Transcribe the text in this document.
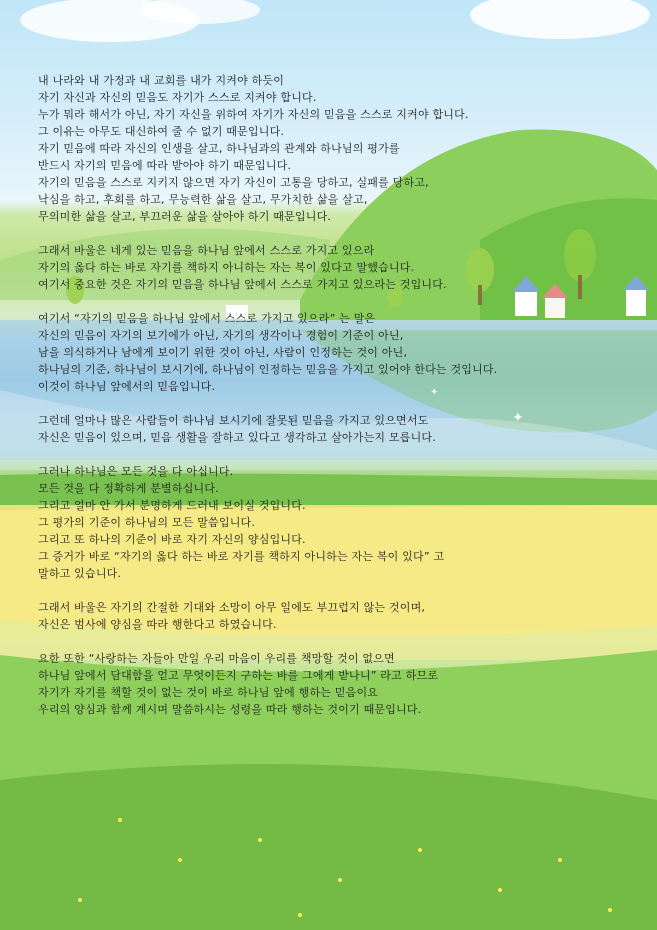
✦
✦
내 나라와 내 가정과 내 교회를 내가 지켜야 하듯이
자기 자신과 자신의 믿음도 자기가 스스로 지켜야 합니다.
누가 뭐라 해서가 아닌, 자기 자신을 위하여 자기가 자신의 믿음을 스스로 지켜야 합니다.
그 이유는 아무도 대신하여 줄 수 없기 때문입니다.
자기 믿음에 따라 자신의 인생을 살고, 하나님과의 관계와 하나님의 평가를
반드시 자기의 믿음에 따라 받아야 하기 때문입니다.
자기의 믿음을 스스로 지키지 않으면 자기 자신이 고통을 당하고, 실패를 당하고,
낙심을 하고, 후회를 하고, 무능력한 삶을 살고, 무가치한 삶을 살고,
무의미한 삶을 살고, 부끄러운 삶을 살아야 하기 때문입니다.
그래서 바울은 네게 있는 믿음을 하나님 앞에서 스스로 가지고 있으라
자기의 옳다 하는 바로 자기를 책하지 아니하는 자는 복이 있다고 말했습니다.
여기서 중요한 것은 자기의 믿음을 하나님 앞에서 스스로 가지고 있으라는 것입니다.
여기서 “자기의 믿음을 하나님 앞에서 스스로 가지고 있으라” 는 말은
자신의 믿음이 자기의 보기에가 아닌, 자기의 생각이나 경험이 기준이 아닌,
남을 의식하거나 남에게 보이기 위한 것이 아닌, 사람이 인정하는 것이 아닌,
하나님의 기준, 하나님이 보시기에, 하나님이 인정하는 믿음을 가지고 있어야 한다는 것입니다.
이것이 하나님 앞에서의 믿음입니다.
그런데 얼마나 많은 사람들이 하나님 보시기에 잘못된 믿음을 가지고 있으면서도
자신은 믿음이 있으며, 믿음 생활을 잘하고 있다고 생각하고 살아가는지 모릅니다.
그러나 하나님은 모든 것을 다 아십니다.
모든 것을 다 정확하게 분별하십니다.
그리고 얼마 안 가서 분명하게 드러내 보이실 것입니다.
그 평가의 기준이 하나님의 모든 말씀입니다.
그리고 또 하나의 기준이 바로 자기 자신의 양심입니다.
그 증거가 바로 “자기의 옳다 하는 바로 자기를 책하지 아니하는 자는 복이 있다” 고
말하고 있습니다.
그래서 바울은 자기의 간절한 기대와 소망이 아무 일에도 부끄럽지 않는 것이며,
자신은 범사에 양심을 따라 행한다고 하였습니다.
요한 또한 “사랑하는 자들아 만일 우리 마음이 우리를 책망할 것이 없으면
하나님 앞에서 담대함을 얻고 무엇이든지 구하는 바를 그에게 받나니” 라고 하므로
자기가 자기를 책할 것이 없는 것이 바로 하나님 앞에 행하는 믿음이요
우리의 양심과 함께 계시며 말씀하시는 성령을 따라 행하는 것이기 때문입니다.
